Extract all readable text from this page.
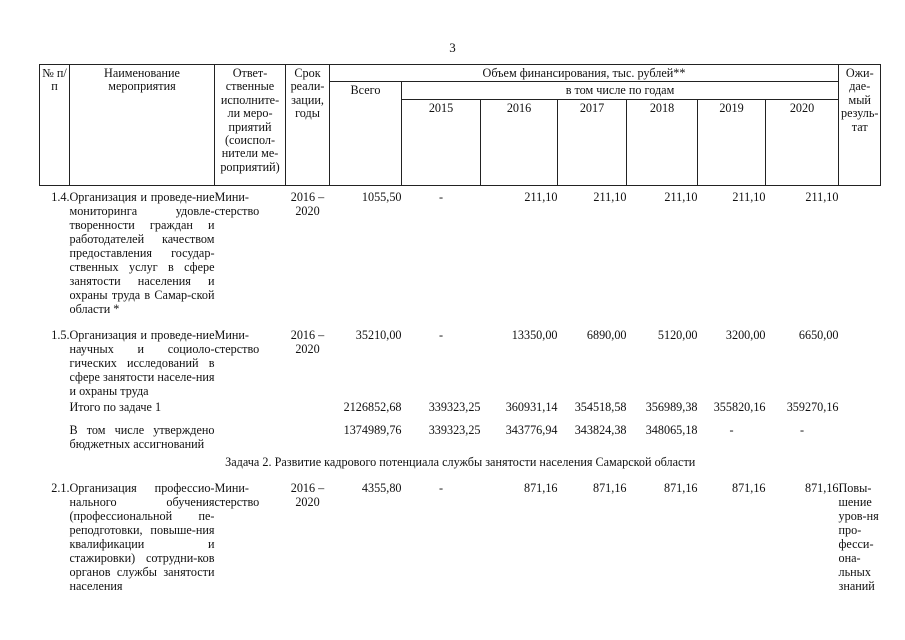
3
№ п/п	Наименование мероприятия	Ответ-ственные исполните-ли меро-приятий (соиспол-нители ме-роприятий)	Срок реали-зации, годы	Объем финансирования, тыс. рублей**							Ожи-дае-мый резуль-тат
				Всего	в том числе по годам						
					2015	2016	2017	2018	2019	2020	
1.4.	Организация и проведе-ние мониторинга удовле-творенности граждан и работодателей качеством предоставления государ-ственных услуг в сфере занятости населения и охраны труда в Самар-ской области *	Мини-стерство	2016 – 2020	1055,50	-	211,10	211,10	211,10	211,10	211,10	
1.5.	Организация и проведе-ние научных и социоло-гических исследований в сфере занятости населе-ния и охраны труда	Мини-стерство	2016 – 2020	35210,00	-	13350,00	6890,00	5120,00	3200,00	6650,00	
	Итого по задаче 1			2126852,68	339323,25	360931,14	354518,58	356989,38	355820,16	359270,16	
	В том числе утверждено бюджетных ассигнований			1374989,76	339323,25	343776,94	343824,38	348065,18	-	-	
Задача 2. Развитие кадрового потенциала службы занятости населения Самарской области											
2.1.	Организация профессио-нального обучения (профессиональной пе-реподготовки, повыше-ния квалификации и стажировки) сотрудни-ков органов службы занятости населения	Мини-стерство	2016 – 2020	4355,80	-	871,16	871,16	871,16	871,16	871,16	Повы-шение уров-ня про-фесси-она-льных знаний
